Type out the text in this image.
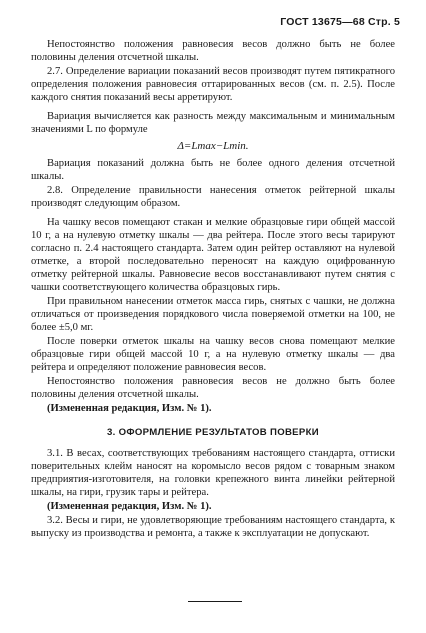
ГОСТ 13675—68 Стр. 5

Непостоянство положения равновесия весов должно быть не более половины деления отсчетной шкалы.

2.7. Определение вариации показаний весов производят путем пятикратного определения положения равновесия оттарированных весов (см. п. 2.5). После каждого снятия показаний весы арретируют.

Вариация вычисляется как разность между максимальным и минимальным значениями L по формуле

Δ=Lmax−Lmin.

Вариация показаний должна быть не более одного деления отсчетной шкалы.

2.8. Определение правильности нанесения отметок рейтерной шкалы производят следующим образом.

На чашку весов помещают стакан и мелкие образцовые гири общей массой 10 г, а на нулевую отметку шкалы — два рейтера. После этого весы тарируют согласно п. 2.4 настоящего стандарта. Затем один рейтер оставляют на нулевой отметке, а второй последовательно переносят на каждую оцифрованную отметку рейтерной шкалы. Равновесие весов восстанавливают путем снятия с чашки соответствующего количества образцовых гирь.

При правильном нанесении отметок масса гирь, снятых с чашки, не должна отличаться от произведения порядкового числа поверяемой отметки на 100, не более ±5,0 мг.

После поверки отметок шкалы на чашку весов снова помещают мелкие образцовые гири общей массой 10 г, а на нулевую отметку шкалы — два рейтера и определяют положение равновесия весов.

Непостоянство положения равновесия весов не должно быть более половины деления отсчетной шкалы.

(Измененная редакция, Изм. № 1).

3. ОФОРМЛЕНИЕ РЕЗУЛЬТАТОВ ПОВЕРКИ

3.1. В весах, соответствующих требованиям настоящего стандарта, оттиски поверительных клейм наносят на коромысло весов рядом с товарным знаком предприятия-изготовителя, на головки крепежного винта линейки рейтерной шкалы, на гири, грузик тары и рейтера.

(Измененная редакция, Изм. № 1).

3.2. Весы и гири, не удовлетворяющие требованиям настоящего стандарта, к выпуску из производства и ремонта, а также к эксплуатации не допускают.
